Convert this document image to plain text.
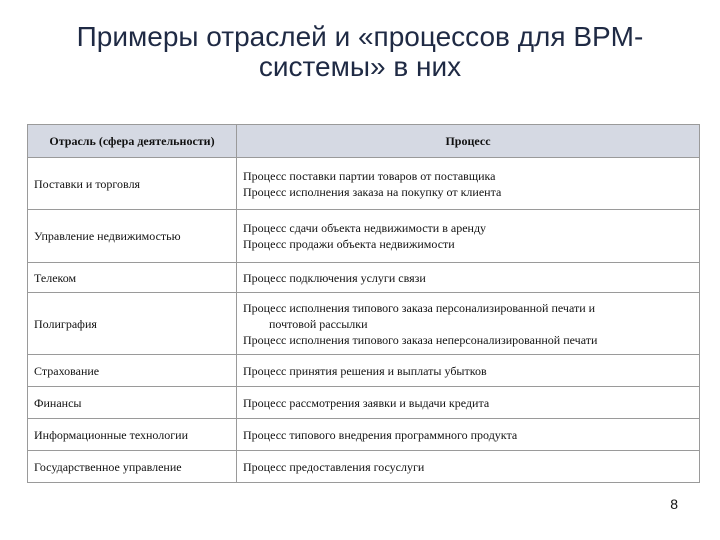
Примеры отраслей и «процессов для BPM-
системы» в них
Отрасль (сфера деятельности)	Процесс
Поставки и торговля	Процесс поставки партии товаров от поставщика
Процесс исполнения заказа на покупку от клиента

Управление недвижимостью	Процесс сдачи объекта недвижимости в аренду
Процесс продажи объекта недвижимости

Телеком	Процесс подключения услуги связи

Полиграфия	Процесс исполнения типового заказа персонализированной печати и
почтовой рассылки
Процесс исполнения типового заказа неперсонализированной печати

Страхование	Процесс принятия решения и выплаты убытков

Финансы	Процесс рассмотрения заявки и выдачи кредита

Информационные технологии	Процесс типового внедрения программного продукта

Государственное управление	Процесс предоставления госуслуги
8
